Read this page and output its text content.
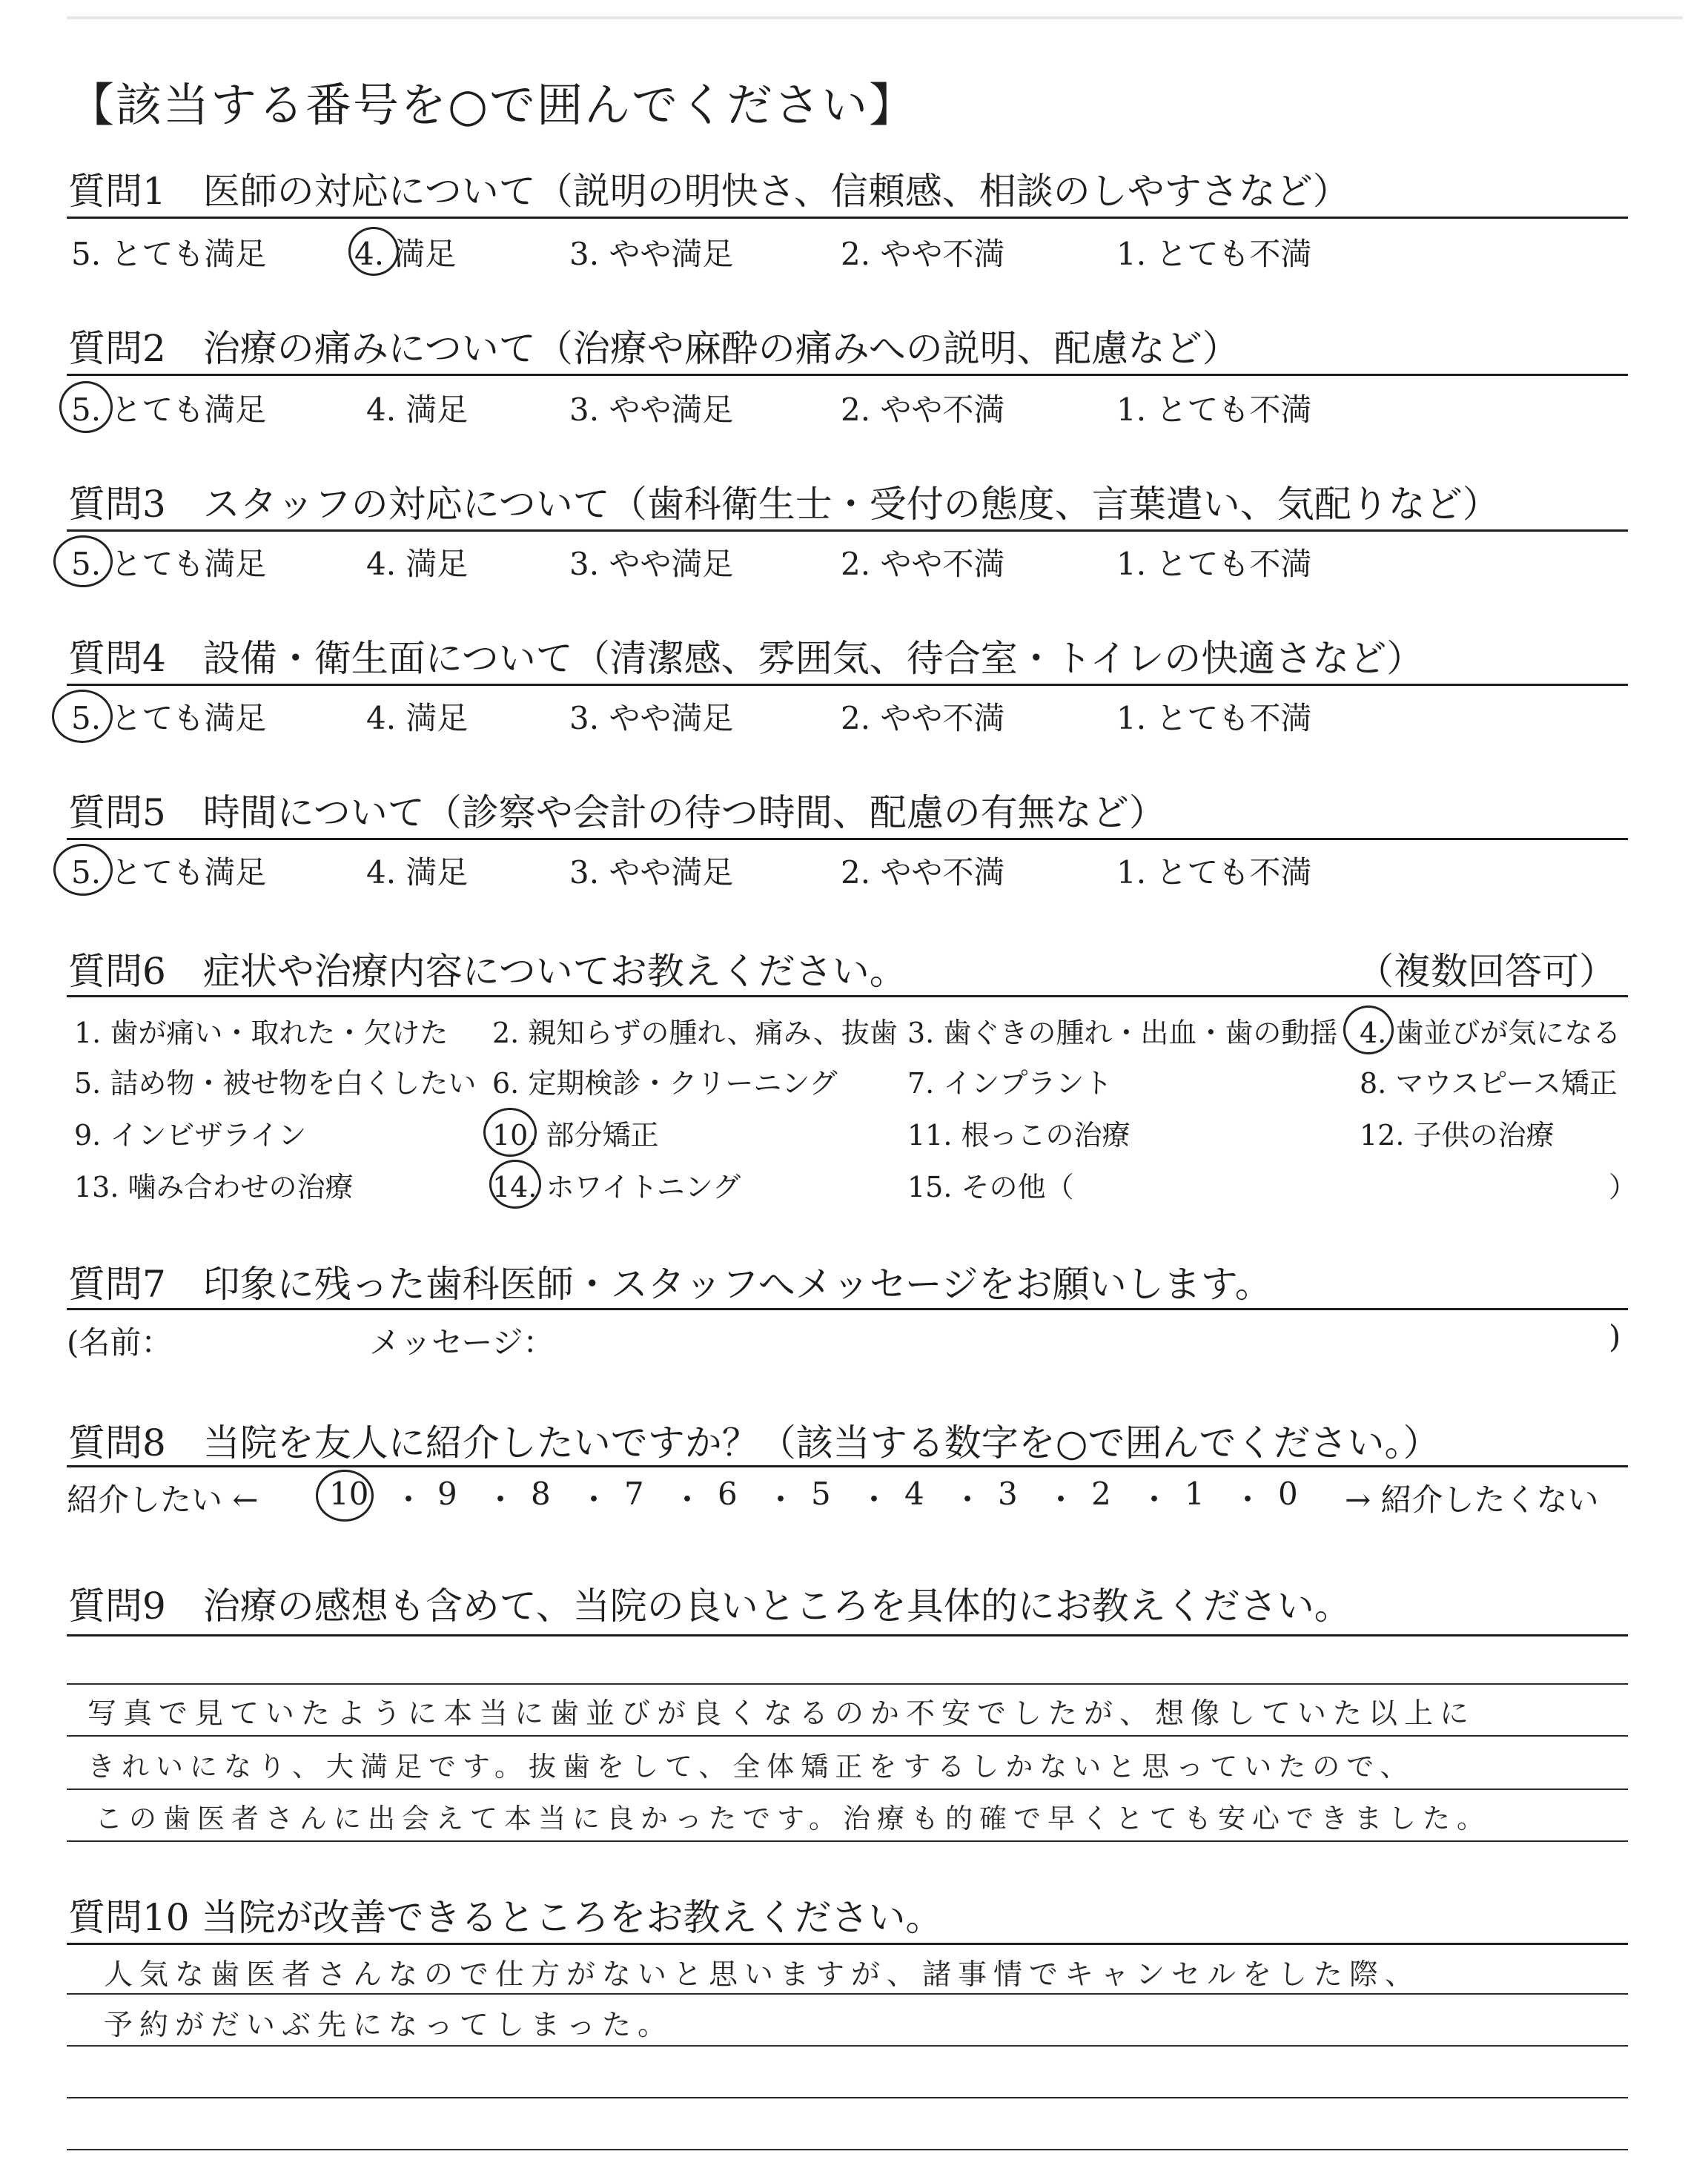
【該当する番号を○で囲んでください】
質問1　医師の対応について（説明の明快さ、信頼感、相談のしやすさなど）
5. とても満足	4. 満足	3. やや満足	2. やや不満	1. とても不満
質問2　治療の痛みについて（治療や麻酔の痛みへの説明、配慮など）
5. とても満足	4. 満足	3. やや満足	2. やや不満	1. とても不満
質問3　スタッフの対応について（歯科衛生士・受付の態度、言葉遣い、気配りなど）
5. とても満足	4. 満足	3. やや満足	2. やや不満	1. とても不満
質問4　設備・衛生面について（清潔感、雰囲気、待合室・トイレの快適さなど）
5. とても満足	4. 満足	3. やや満足	2. やや不満	1. とても不満
質問5　時間について（診察や会計の待つ時間、配慮の有無など）
5. とても満足	4. 満足	3. やや満足	2. やや不満	1. とても不満
質問6　症状や治療内容についてお教えください。	（複数回答可）
1. 歯が痛い・取れた・欠けた 2. 親知らずの腫れ、痛み、抜歯 3. 歯ぐきの腫れ・出血・歯の動揺 4. 歯並びが気になる
5. 詰め物・被せ物を白くしたい 6. 定期検診・クリーニング 7. インプラント	8. マウスピース矯正
9. インビザライン	10. 部分矯正	11. 根っこの治療	12. 子供の治療
13. 噛み合わせの治療	14. ホワイトニング	15. その他（	）
質問7　印象に残った歯科医師・スタッフへメッセージをお願いします。
(名前：	メッセージ：	)
質問8　当院を友人に紹介したいですか？（該当する数字を○で囲んでください。）
紹介したい ←	→ 紹介したくない
10 ・ 9 ・ 8 ・ 7 ・ 6 ・ 5 ・ 4 ・ 3 ・ 2 ・ 1 ・ 0
質問9　治療の感想も含めて、当院の良いところを具体的にお教えください。
写真で見ていたように本当に歯並びが良くなるのか不安でしたが、想像していた以上に
きれいになり、大満足です。抜歯をして、全体矯正をするしかないと思っていたので、
この歯医者さんに出会えて本当に良かったです。治療も的確で早くとても安心できました。
質問10 当院が改善できるところをお教えください。
人気な歯医者さんなので仕方がないと思いますが、諸事情でキャンセルをした際、
予約がだいぶ先になってしまった。
